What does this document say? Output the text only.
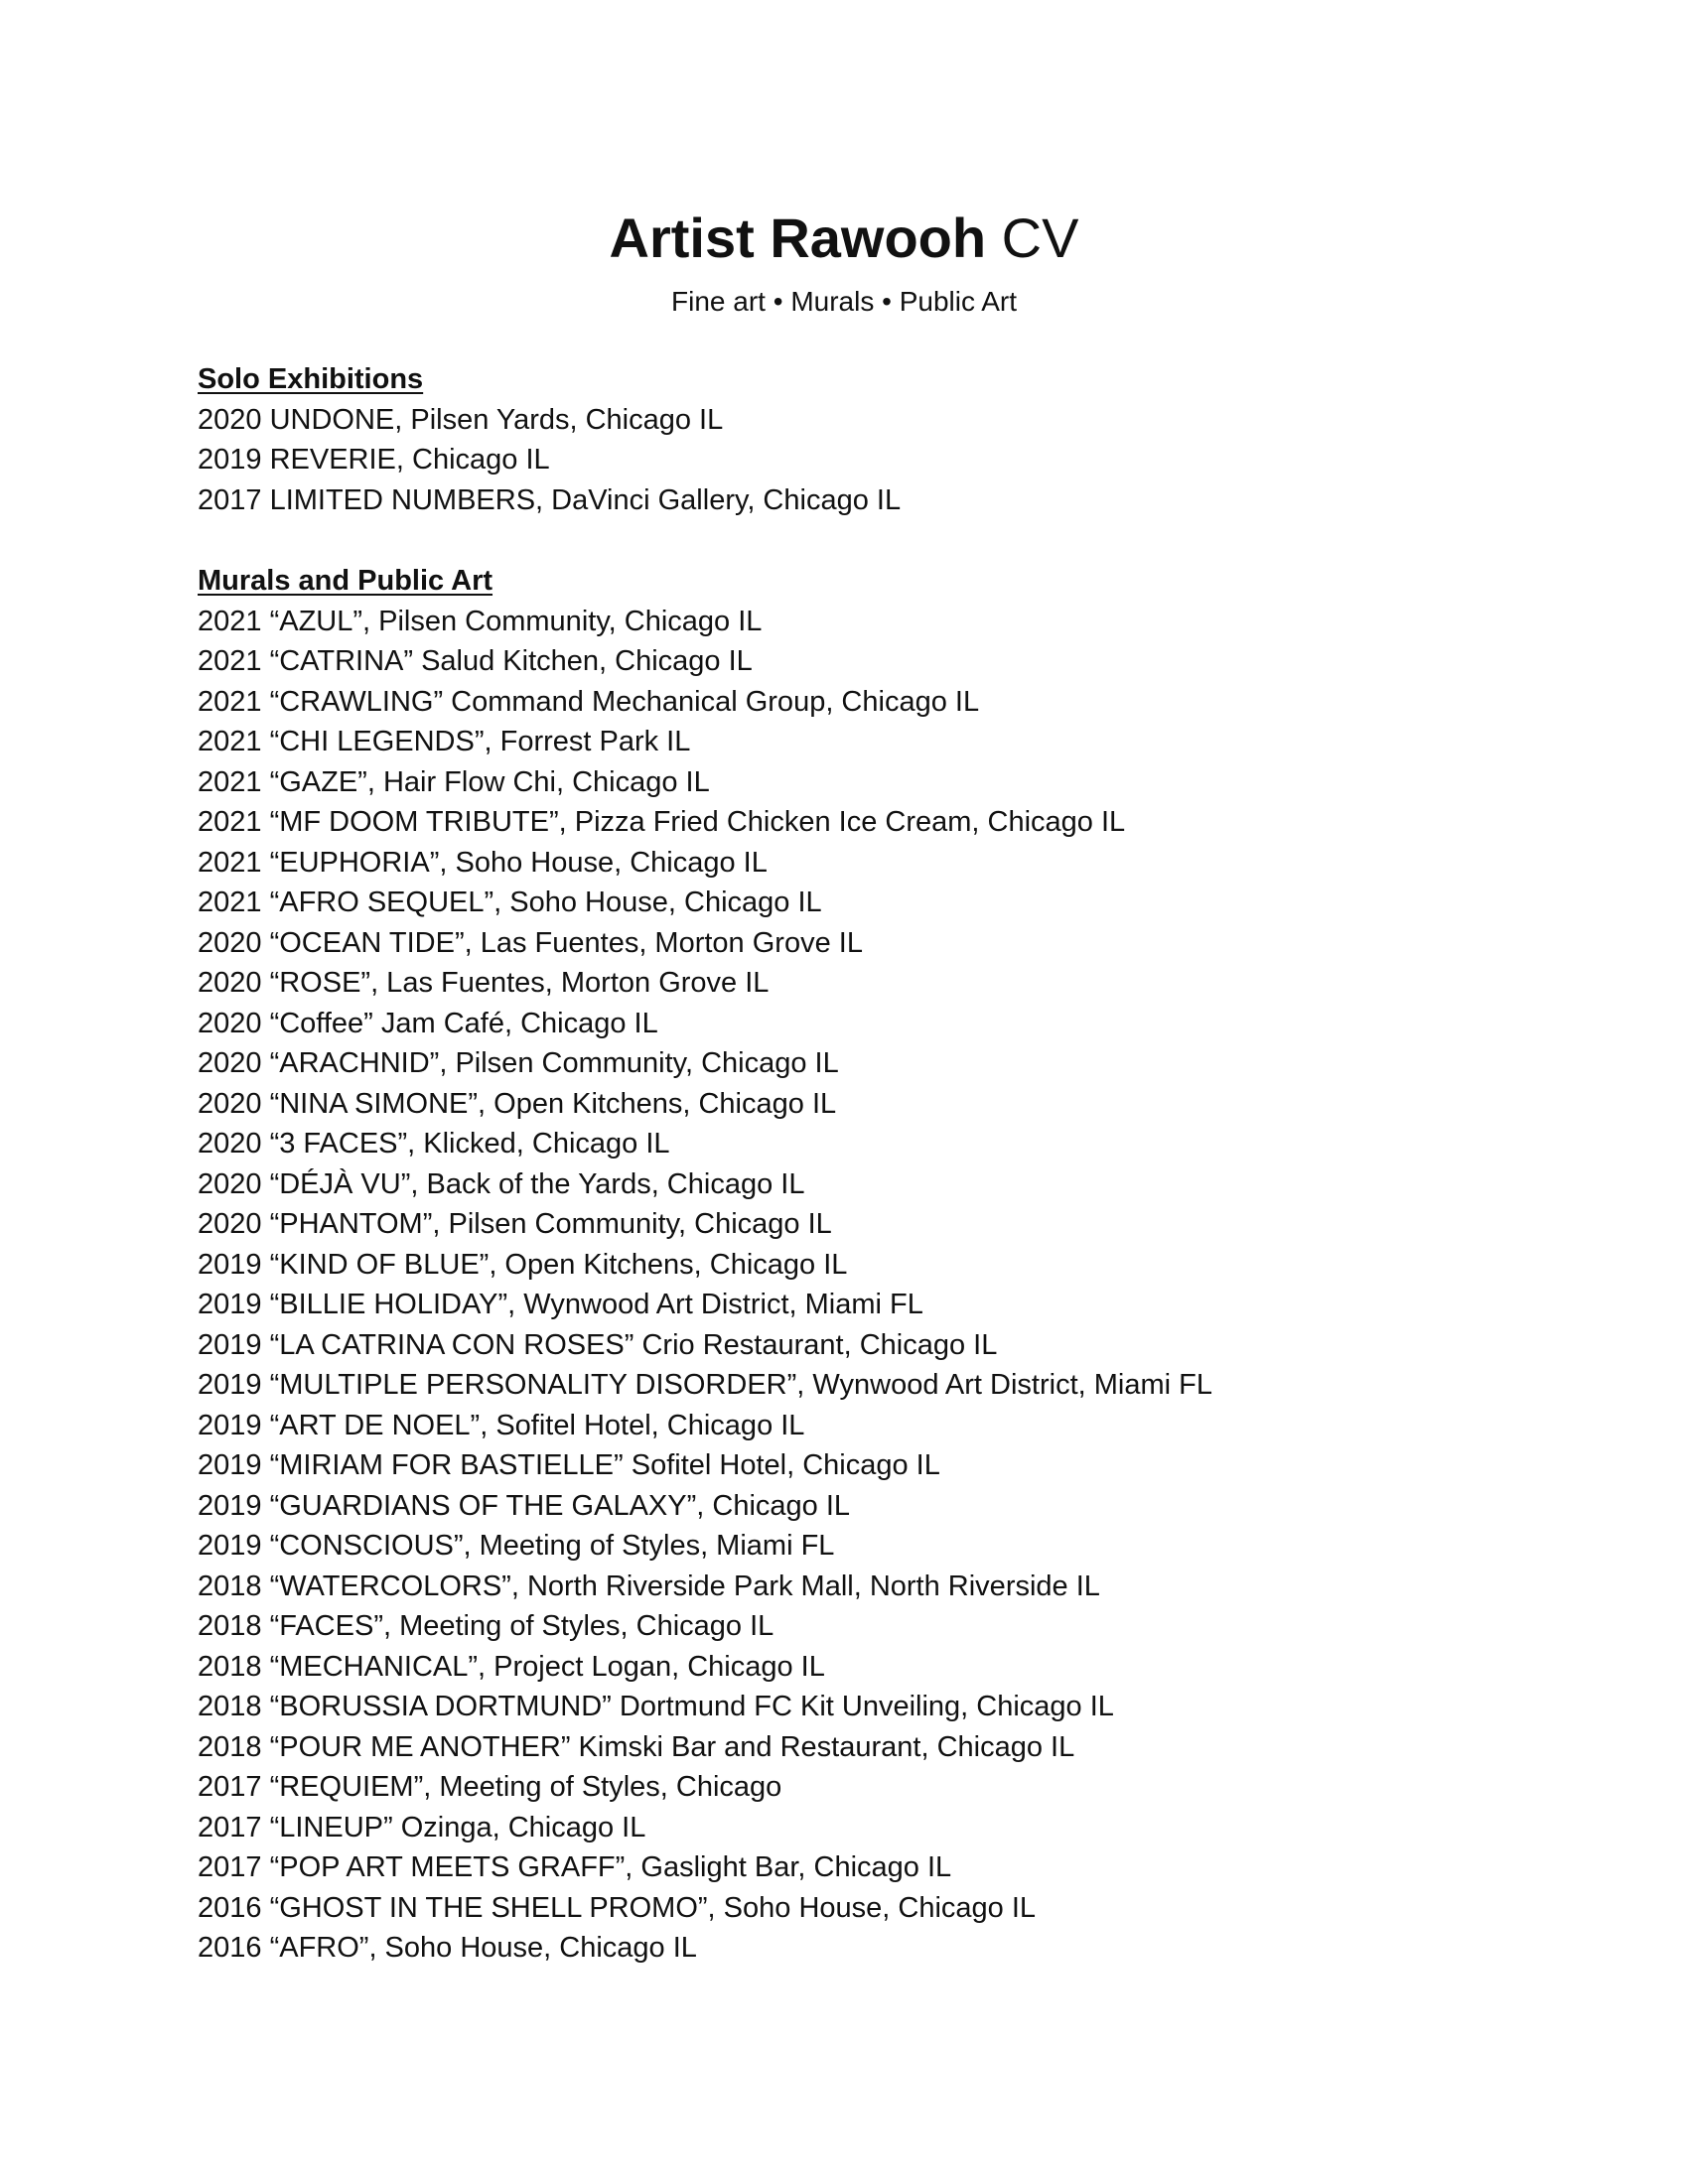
Artist Rawooh CV
Fine art • Murals • Public Art
Solo Exhibitions
2020 UNDONE, Pilsen Yards, Chicago IL
2019 REVERIE, Chicago IL
2017 LIMITED NUMBERS, DaVinci Gallery, Chicago IL
Murals and Public Art
2021 “AZUL”, Pilsen Community, Chicago IL
2021 “CATRINA” Salud Kitchen, Chicago IL
2021 “CRAWLING” Command Mechanical Group, Chicago IL
2021 “CHI LEGENDS”, Forrest Park IL
2021 “GAZE”, Hair Flow Chi, Chicago IL
2021 “MF DOOM TRIBUTE”, Pizza Fried Chicken Ice Cream, Chicago IL
2021 “EUPHORIA”, Soho House, Chicago IL
2021 “AFRO SEQUEL”, Soho House, Chicago IL
2020 “OCEAN TIDE”, Las Fuentes, Morton Grove IL
2020 “ROSE”, Las Fuentes, Morton Grove IL
2020 “Coffee” Jam Café, Chicago IL
2020 “ARACHNID”, Pilsen Community, Chicago IL
2020 “NINA SIMONE”, Open Kitchens, Chicago IL
2020 “3 FACES”, Klicked, Chicago IL
2020 “DÉJÀ VU”, Back of the Yards, Chicago IL
2020 “PHANTOM”, Pilsen Community, Chicago IL
2019 “KIND OF BLUE”, Open Kitchens, Chicago IL
2019 “BILLIE HOLIDAY”, Wynwood Art District, Miami FL
2019 “LA CATRINA CON ROSES” Crio Restaurant, Chicago IL
2019 “MULTIPLE PERSONALITY DISORDER”, Wynwood Art District, Miami FL
2019 “ART DE NOEL”, Sofitel Hotel, Chicago IL
2019 “MIRIAM FOR BASTIELLE” Sofitel Hotel, Chicago IL
2019 “GUARDIANS OF THE GALAXY”, Chicago IL
2019 “CONSCIOUS”, Meeting of Styles, Miami FL
2018 “WATERCOLORS”, North Riverside Park Mall, North Riverside IL
2018 “FACES”, Meeting of Styles, Chicago IL
2018 “MECHANICAL”, Project Logan, Chicago IL
2018 “BORUSSIA DORTMUND” Dortmund FC Kit Unveiling, Chicago IL
2018 “POUR ME ANOTHER” Kimski Bar and Restaurant, Chicago IL
2017 “REQUIEM”, Meeting of Styles, Chicago
2017 “LINEUP” Ozinga, Chicago IL
2017 “POP ART MEETS GRAFF”, Gaslight Bar, Chicago IL
2016 “GHOST IN THE SHELL PROMO”, Soho House, Chicago IL
2016 “AFRO”, Soho House, Chicago IL
